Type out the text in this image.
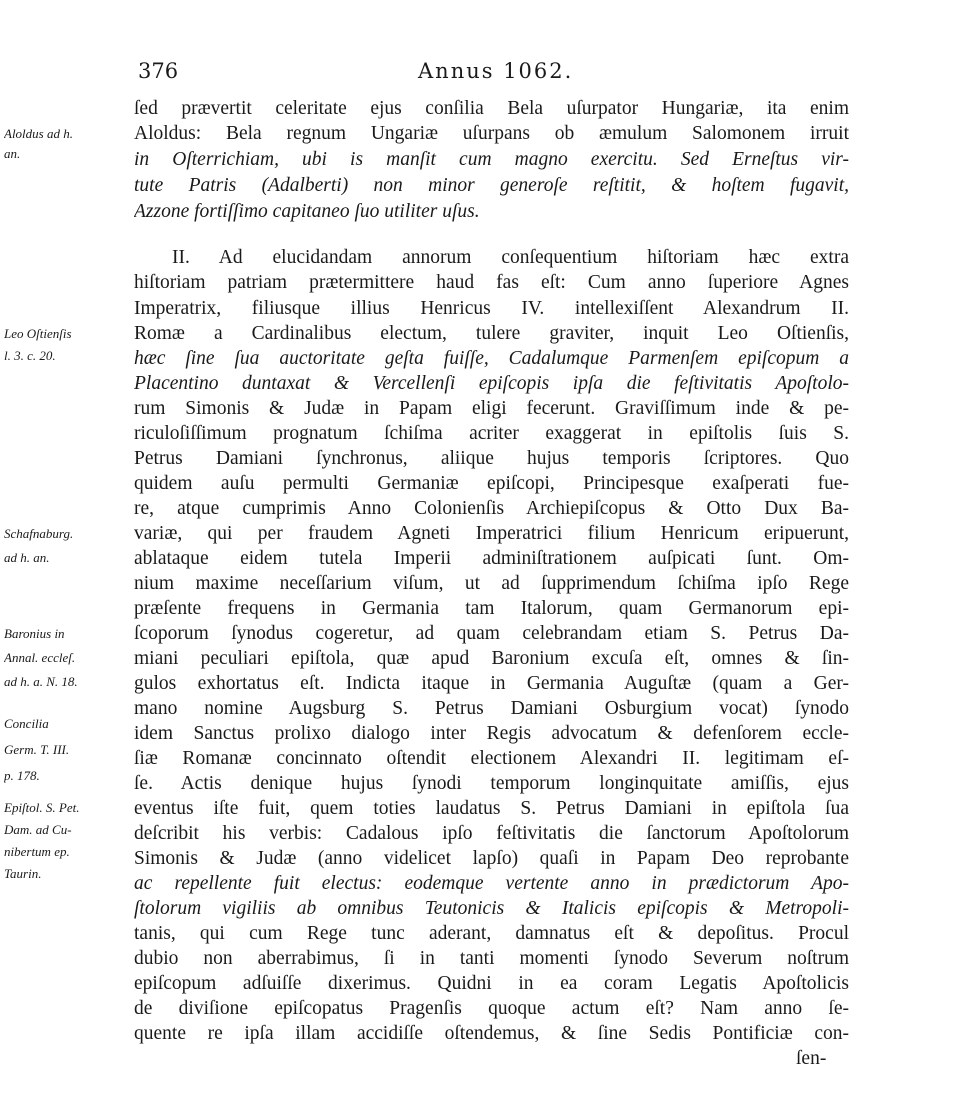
376	Annus 1062.
ſed prævertit celeritate ejus conſilia Bela uſurpator Hungariæ, ita enim
Aloldus: Bela regnum Ungariæ uſurpans ob æmulum Salomonem irruit
in Oſterrichiam, ubi is manſit cum magno exercitu. Sed Erneſtus vir-
tute Patris (Adalberti) non minor generoſe reſtitit, & hoſtem fugavit,
Azzone fortiſſimo capitaneo ſuo utiliter uſus.
II. Ad elucidandam annorum conſequentium hiſtoriam hæc extra
hiſtoriam patriam prætermittere haud fas eſt: Cum anno ſuperiore Agnes
Imperatrix, filiusque illius Henricus IV. intellexiſſent Alexandrum II.
Romæ a Cardinalibus electum, tulere graviter, inquit Leo Oſtienſis,
hæc ſine ſua auctoritate geſta fuiſſe, Cadalumque Parmenſem epiſcopum a
Placentino duntaxat & Vercellenſi epiſcopis ipſa die feſtivitatis Apoſtolo-
rum Simonis & Judæ in Papam eligi fecerunt. Graviſſimum inde & pe-
riculoſiſſimum prognatum ſchiſma acriter exaggerat in epiſtolis ſuis S.
Petrus Damiani ſynchronus, aliique hujus temporis ſcriptores. Quo
quidem auſu permulti Germaniæ epiſcopi, Principesque exaſperati fue-
re, atque cumprimis Anno Colonienſis Archiepiſcopus & Otto Dux Ba-
variæ, qui per fraudem Agneti Imperatrici filium Henricum eripuerunt,
ablataque eidem tutela Imperii adminiſtrationem auſpicati ſunt. Om-
nium maxime neceſſarium viſum, ut ad ſupprimendum ſchiſma ipſo Rege
præſente frequens in Germania tam Italorum, quam Germanorum epi-
ſcoporum ſynodus cogeretur, ad quam celebrandam etiam S. Petrus Da-
miani peculiari epiſtola, quæ apud Baronium excuſa eſt, omnes & ſin-
gulos exhortatus eſt. Indicta itaque in Germania Auguſtæ (quam a Ger-
mano nomine Augsburg S. Petrus Damiani Osburgium vocat) ſynodo
idem Sanctus prolixo dialogo inter Regis advocatum & defenſorem eccle-
ſiæ Romanæ concinnato oſtendit electionem Alexandri II. legitimam eſ-
ſe. Actis denique hujus ſynodi temporum longinquitate amiſſis, ejus
eventus iſte fuit, quem toties laudatus S. Petrus Damiani in epiſtola ſua
deſcribit his verbis: Cadalous ipſo feſtivitatis die ſanctorum Apoſtolorum
Simonis & Judæ (anno videlicet lapſo) quaſi in Papam Deo reprobante
ac repellente fuit electus: eodemque vertente anno in prædictorum Apo-
ſtolorum vigiliis ab omnibus Teutonicis & Italicis epiſcopis & Metropoli-
tanis, qui cum Rege tunc aderant, damnatus eſt & depoſitus. Procul
dubio non aberrabimus, ſi in tanti momenti ſynodo Severum noſtrum
epiſcopum adſuiſſe dixerimus. Quidni in ea coram Legatis Apoſtolicis
de diviſione epiſcopatus Pragenſis quoque actum eſt? Nam anno ſe-
quente re ipſa illam accidiſſe oſtendemus, & ſine Sedis Pontificiæ con-
ſen-
Aloldus ad h.
an.
Leo Oſtienſis
l. 3. c. 20.
Schafnaburg.
ad h. an.
Baronius in
Annal. eccleſ.
ad h. a. N. 18.
Concilia
Germ. T. III.
p. 178.
Epiſtol. S. Pet.
Dam. ad Cu-
nibertum ep.
Taurin.
